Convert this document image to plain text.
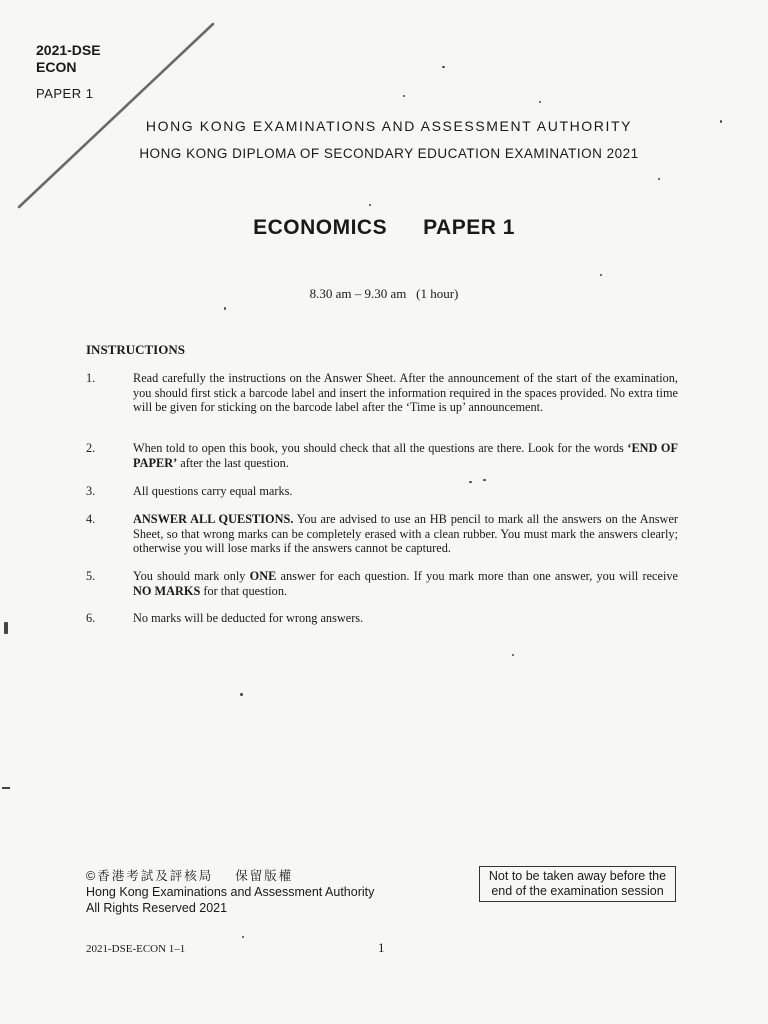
2021-DSE
ECON
PAPER 1
HONG KONG EXAMINATIONS AND ASSESSMENT AUTHORITY
HONG KONG DIPLOMA OF SECONDARY EDUCATION EXAMINATION 2021
ECONOMICS PAPER 1
8.30 am – 9.30 am   (1 hour)
INSTRUCTIONS
1.	Read carefully the instructions on the Answer Sheet. After the announcement of the start of the examination, you should first stick a barcode label and insert the information required in the spaces provided. No extra time will be given for sticking on the barcode label after the ‘Time is up’ announcement.
2.	When told to open this book, you should check that all the questions are there. Look for the words ‘END OF PAPER’ after the last question.
3.	All questions carry equal marks.
4.	ANSWER ALL QUESTIONS. You are advised to use an HB pencil to mark all the answers on the Answer Sheet, so that wrong marks can be completely erased with a clean rubber. You must mark the answers clearly; otherwise you will lose marks if the answers cannot be captured.
5.	You should mark only ONE answer for each question. If you mark more than one answer, you will receive NO MARKS for that question.
6.	No marks will be deducted for wrong answers.
©香港考試及評核局 保留版權
Hong Kong Examinations and Assessment Authority
All Rights Reserved 2021
Not to be taken away before the
end of the examination session
2021-DSE-ECON 1–1	1
